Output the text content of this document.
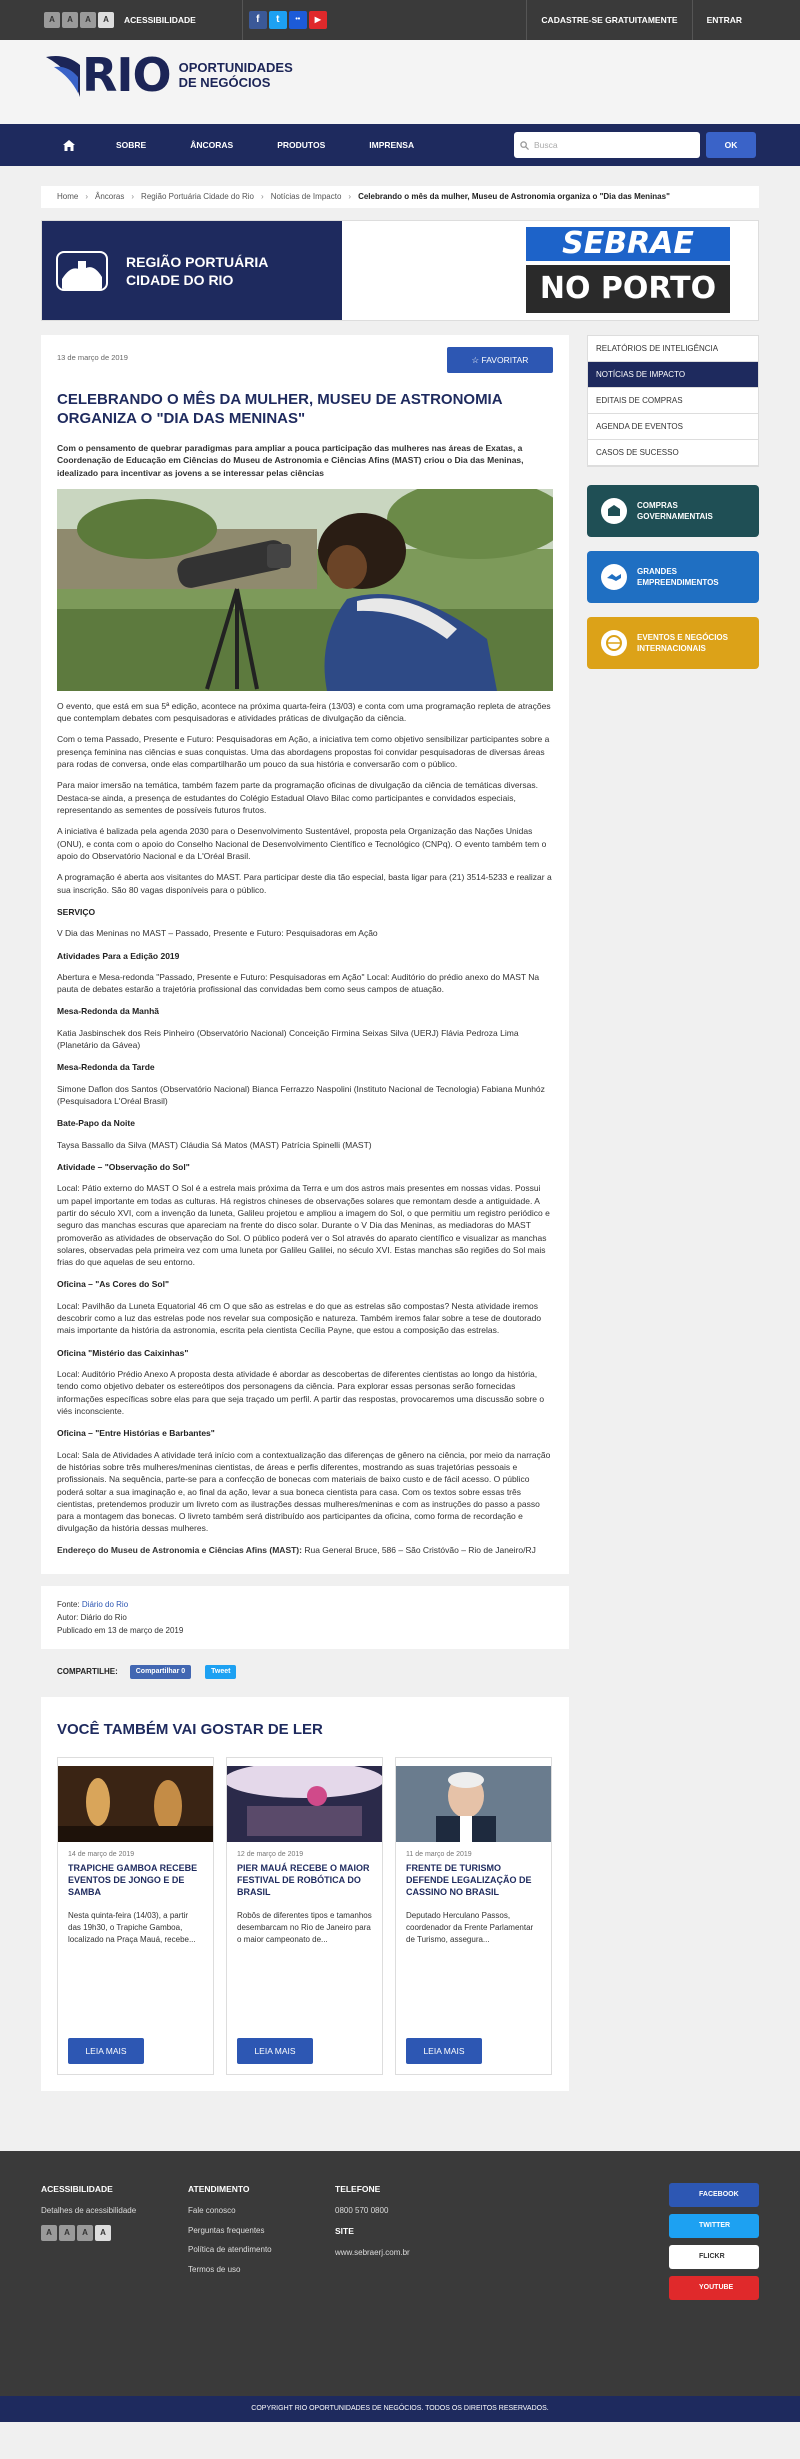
A	A	A	A	ACESSIBILIDADE	f	t	••	▶	CADASTRE-SE GRATUITAMENTE	ENTRAR
RIO OPORTUNIDADES
DE NEGÓCIOS
SOBRE	ÂNCORAS	PRODUTOS	IMPRENSA	Busca	OK
Home › Âncoras › Região Portuária Cidade do Rio › Notícias de Impacto › Celebrando o mês da mulher, Museu de Astronomia organiza o "Dia das Meninas"
REGIÃO PORTUÁRIA
CIDADE DO RIO
SEBRAE
NO PORTO
☆ FAVORITAR
13 de março de 2019
CELEBRANDO O MÊS DA MULHER, MUSEU DE ASTRONOMIA ORGANIZA O "DIA DAS MENINAS"

Com o pensamento de quebrar paradigmas para ampliar a pouca participação das mulheres nas áreas de Exatas, a Coordenação de Educação em Ciências do Museu de Astronomia e Ciências Afins (MAST) criou o Dia das Meninas, idealizado para incentivar as jovens a se interessar pelas ciências

O evento, que está em sua 5ª edição, acontece na próxima quarta-feira (13/03) e conta com uma programação repleta de atrações que contemplam debates com pesquisadoras e atividades práticas de divulgação da ciência.

Com o tema Passado, Presente e Futuro: Pesquisadoras em Ação, a iniciativa tem como objetivo sensibilizar participantes sobre a presença feminina nas ciências e suas conquistas. Uma das abordagens propostas foi convidar pesquisadoras de diversas áreas para rodas de conversa, onde elas compartilharão um pouco da sua história e conversarão com o público.

Para maior imersão na temática, também fazem parte da programação oficinas de divulgação da ciência de temáticas diversas. Destaca-se ainda, a presença de estudantes do Colégio Estadual Olavo Bilac como participantes e convidados especiais, representando as sementes de possíveis futuros frutos.

A iniciativa é balizada pela agenda 2030 para o Desenvolvimento Sustentável, proposta pela Organização das Nações Unidas (ONU), e conta com o apoio do Conselho Nacional de Desenvolvimento Científico e Tecnológico (CNPq). O evento também tem o apoio do Observatório Nacional e da L'Oréal Brasil.

A programação é aberta aos visitantes do MAST. Para participar deste dia tão especial, basta ligar para (21) 3514-5233 e realizar a sua inscrição. São 80 vagas disponíveis para o público.

SERVIÇO

V Dia das Meninas no MAST – Passado, Presente e Futuro: Pesquisadoras em Ação

Atividades Para a Edição 2019

Abertura e Mesa-redonda "Passado, Presente e Futuro: Pesquisadoras em Ação" Local: Auditório do prédio anexo do MAST Na pauta de debates estarão a trajetória profissional das convidadas bem como seus campos de atuação.

Mesa-Redonda da Manhã

Katia Jasbinschek dos Reis Pinheiro (Observatório Nacional) Conceição Firmina Seixas Silva (UERJ) Flávia Pedroza Lima (Planetário da Gávea)

Mesa-Redonda da Tarde

Simone Daflon dos Santos (Observatório Nacional) Bianca Ferrazzo Naspolini (Instituto Nacional de Tecnologia) Fabiana Munhóz (Pesquisadora L'Oréal Brasil)

Bate-Papo da Noite

Taysa Bassallo da Silva (MAST) Cláudia Sá Matos (MAST) Patrícia Spinelli (MAST)

Atividade – "Observação do Sol"

Local: Pátio externo do MAST O Sol é a estrela mais próxima da Terra e um dos astros mais presentes em nossas vidas. Possui um papel importante em todas as culturas. Há registros chineses de observações solares que remontam desde a antiguidade. A partir do século XVI, com a invenção da luneta, Galileu projetou e ampliou a imagem do Sol, o que permitiu um registro periódico e seguro das manchas escuras que apareciam na frente do disco solar. Durante o V Dia das Meninas, as mediadoras do MAST promoverão as atividades de observação do Sol. O público poderá ver o Sol através do aparato científico e visualizar as manchas solares, observadas pela primeira vez com uma luneta por Galileu Galilei, no século XVI. Estas manchas são regiões do Sol mais frias do que aquelas de seu entorno.

Oficina – "As Cores do Sol"

Local: Pavilhão da Luneta Equatorial 46 cm O que são as estrelas e do que as estrelas são compostas? Nesta atividade iremos descobrir como a luz das estrelas pode nos revelar sua composição e natureza. Também iremos falar sobre a tese de doutorado mais importante da história da astronomia, escrita pela cientista Cecília Payne, que estou a composição das estrelas.

Oficina "Mistério das Caixinhas"

Local: Auditório Prédio Anexo A proposta desta atividade é abordar as descobertas de diferentes cientistas ao longo da história, tendo como objetivo debater os estereótipos dos personagens da ciência. Para explorar essas personas serão fornecidas informações específicas sobre elas para que seja traçado um perfil. A partir das respostas, provocaremos uma discussão sobre o viés inconsciente.

Oficina – "Entre Histórias e Barbantes"

Local: Sala de Atividades A atividade terá início com a contextualização das diferenças de gênero na ciência, por meio da narração de histórias sobre três mulheres/meninas cientistas, de áreas e perfis diferentes, mostrando as suas trajetórias pessoais e profissionais. Na sequência, parte-se para a confecção de bonecas com materiais de baixo custo e de fácil acesso. O público poderá soltar a sua imaginação e, ao final da ação, levar a sua boneca cientista para casa. Com os textos sobre essas três cientistas, pretendemos produzir um livreto com as ilustrações dessas mulheres/meninas e com as instruções do passo a passo para a montagem das bonecas. O livreto também será distribuído aos participantes da oficina, como forma de recordação e divulgação da história dessas mulheres.

Endereço do Museu de Astronomia e Ciências Afins (MAST): Rua General Bruce, 586 – São Cristóvão – Rio de Janeiro/RJ

Fonte: Diário do Rio
Autor: Diário do Rio
Publicado em 13 de março de 2019
COMPARTILHE:	Compartilhar 0	Tweet
VOCÊ TAMBÉM VAI GOSTAR DE LER
14 de março de 2019
TRAPICHE GAMBOA RECEBE EVENTOS DE JONGO E DE SAMBA
Nesta quinta-feira (14/03), a partir das 19h30, o Trapiche Gamboa, localizado na Praça Mauá, recebe...
LEIA MAIS
12 de março de 2019
PIER MAUÁ RECEBE O MAIOR FESTIVAL DE ROBÓTICA DO BRASIL
Robôs de diferentes tipos e tamanhos desembarcam no Rio de Janeiro para o maior campeonato de...
LEIA MAIS
11 de março de 2019
FRENTE DE TURISMO DEFENDE LEGALIZAÇÃO DE CASSINO NO BRASIL
Deputado Herculano Passos, coordenador da Frente Parlamentar de Turismo, assegura...
LEIA MAIS
RELATÓRIOS DE INTELIGÊNCIA
NOTÍCIAS DE IMPACTO
EDITAIS DE COMPRAS
AGENDA DE EVENTOS
CASOS DE SUCESSO
COMPRAS
GOVERNAMENTAIS
GRANDES
EMPREENDIMENTOS
EVENTOS E NEGÓCIOS
INTERNACIONAIS
ACESSIBILIDADE

Detalhes de acessibilidade

A	A	A	A
ATENDIMENTO

Fale conosco

Perguntas frequentes

Política de atendimento

Termos de uso

TELEFONE

0800 570 0800

SITE

www.sebraerj.com.br

FACEBOOK
TWITTER
FLICKR
YOUTUBE
COPYRIGHT RIO OPORTUNIDADES DE NEGÓCIOS. TODOS OS DIREITOS RESERVADOS.
